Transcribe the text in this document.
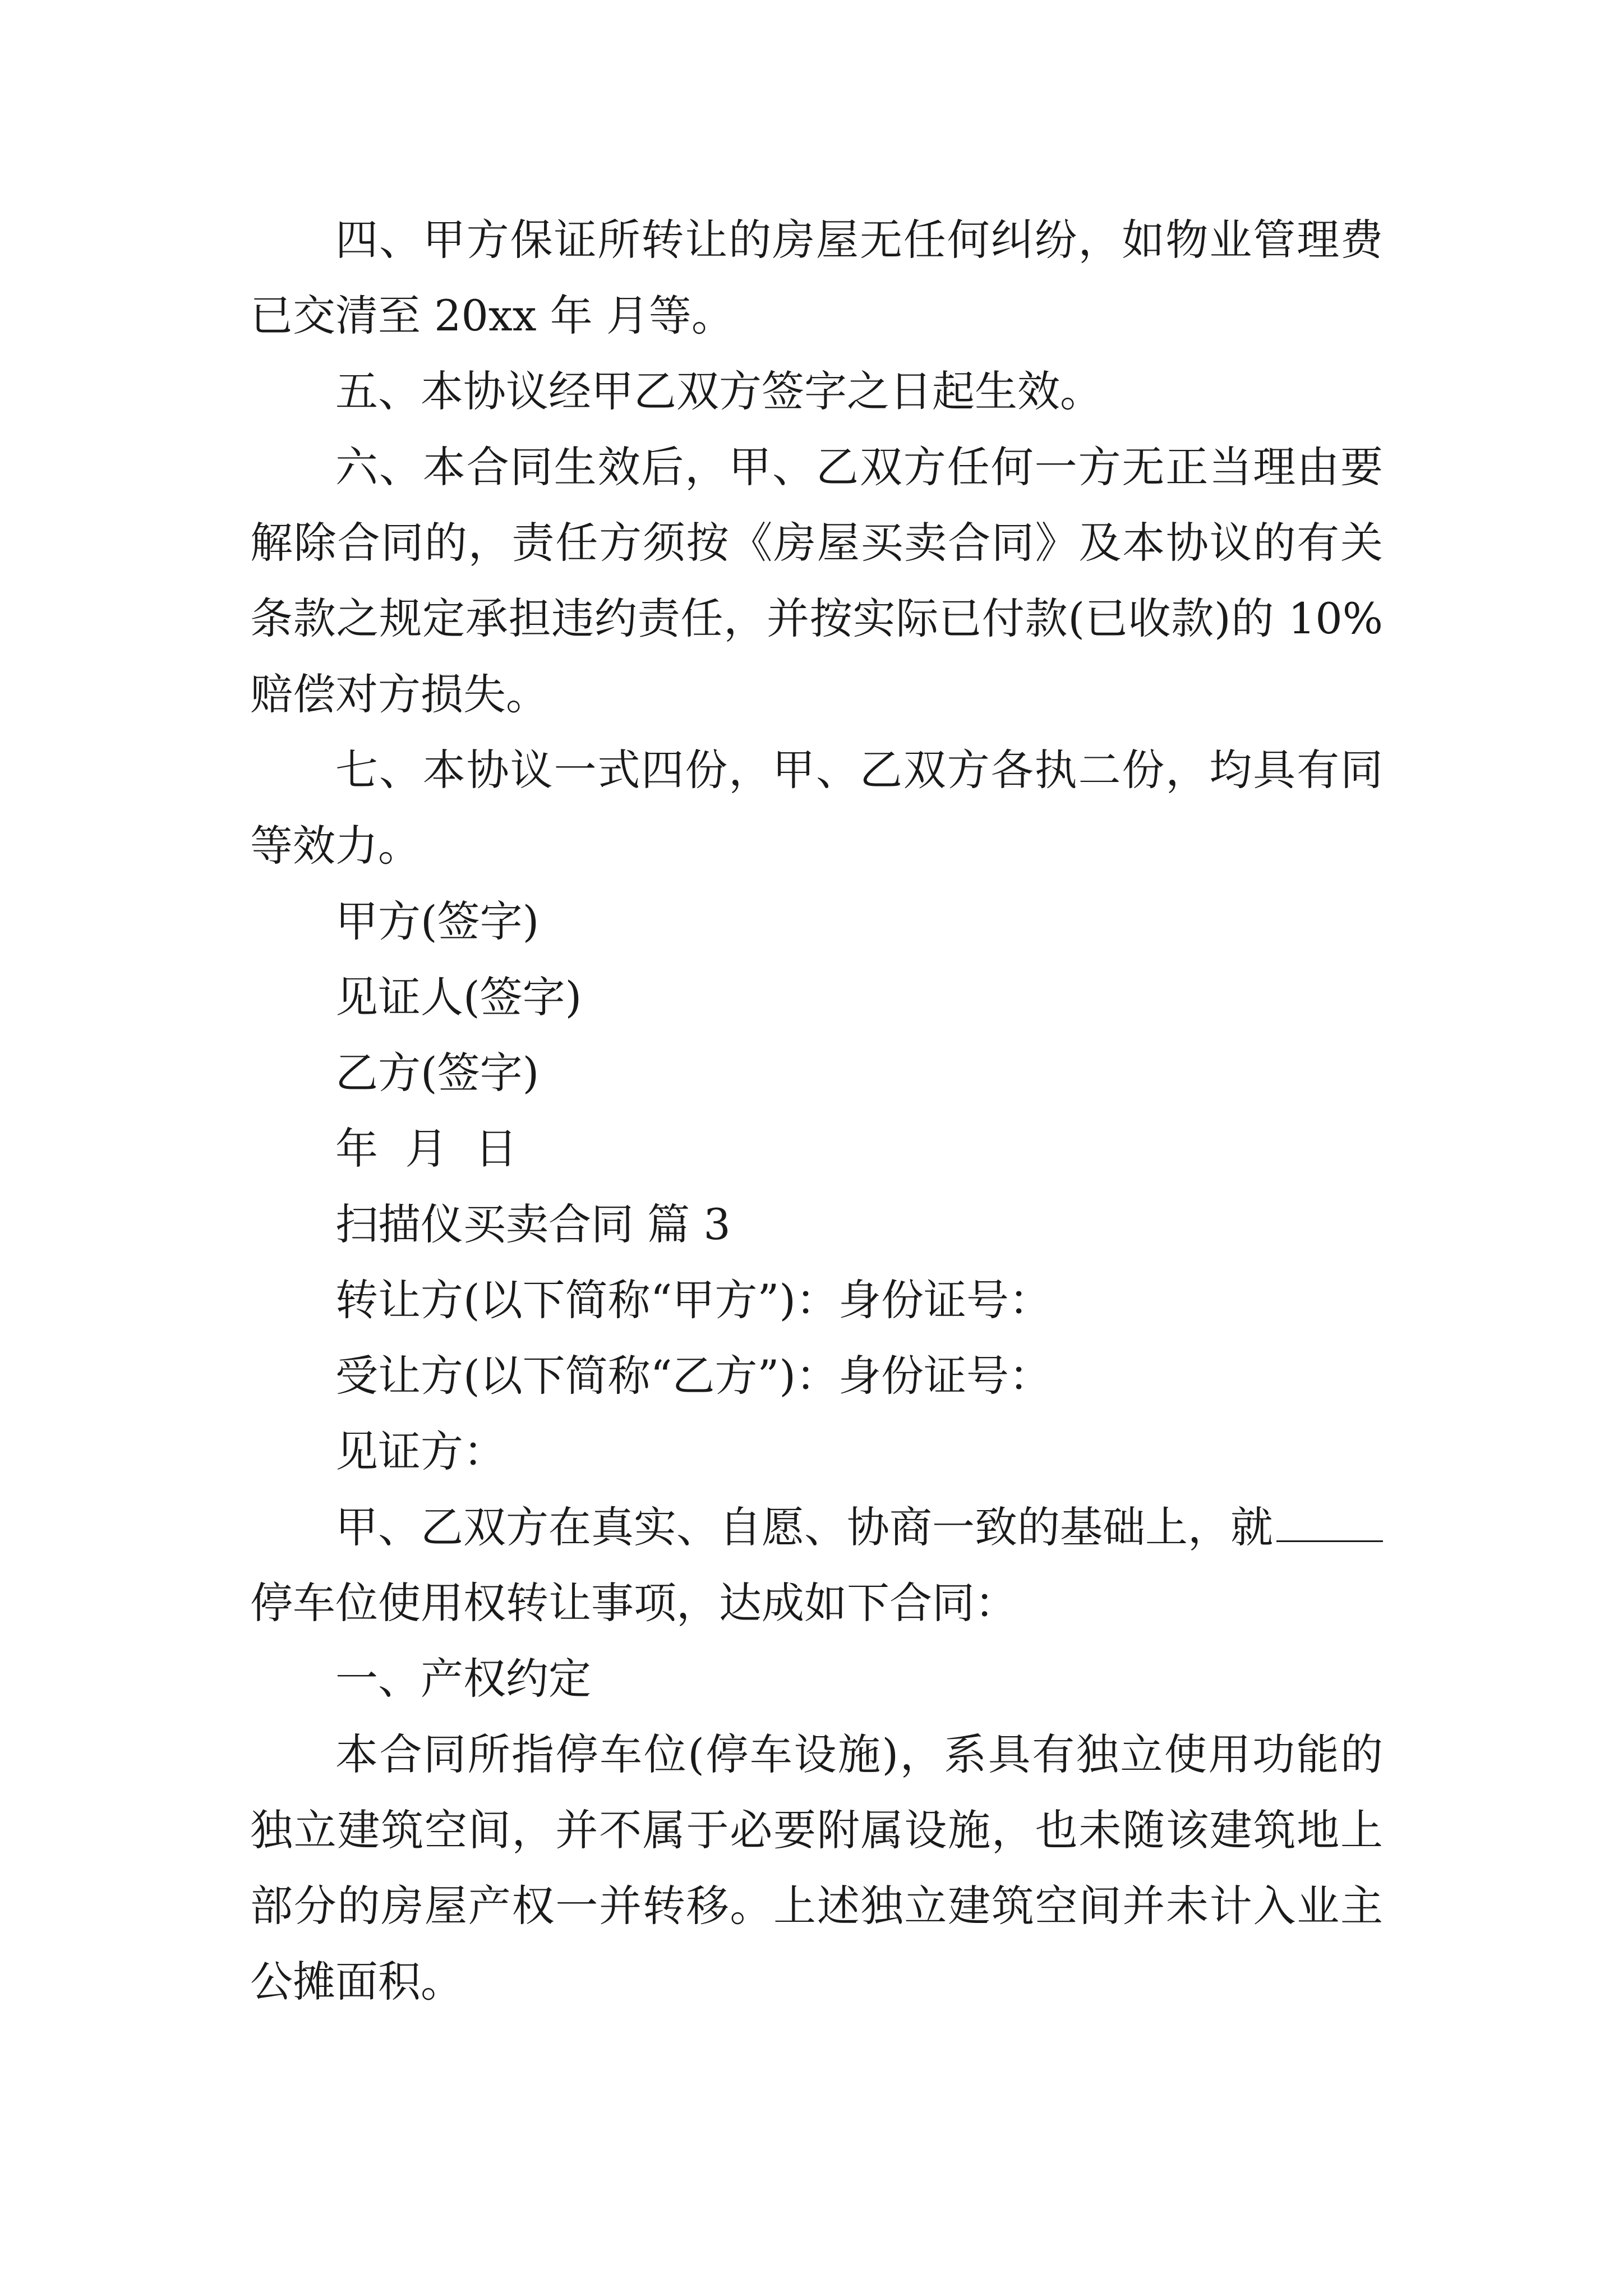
四、甲方保证所转让的房屋无任何纠纷，如物业管理费
已交清至 20xx 年 月等。
五、本协议经甲乙双方签字之日起生效。
六、本合同生效后，甲、乙双方任何一方无正当理由要
解除合同的，责任方须按《房屋买卖合同》及本协议的有关
条款之规定承担违约责任，并按实际已付款(已收款)的 10%
赔偿对方损失。
七、本协议一式四份，甲、乙双方各执二份，均具有同
等效力。
甲方(签字)
见证人(签字)
乙方(签字)
年  月  日
扫描仪买卖合同 篇 3
转让方(以下简称“甲方”)：身份证号：
受让方(以下简称“乙方”)：身份证号：
见证方：
甲、乙双方在真实、自愿、协商一致的基础上，就
停车位使用权转让事项，达成如下合同：
一、产权约定
本合同所指停车位(停车设施)，系具有独立使用功能的
独立建筑空间，并不属于必要附属设施，也未随该建筑地上
部分的房屋产权一并转移。上述独立建筑空间并未计入业主
公摊面积。
